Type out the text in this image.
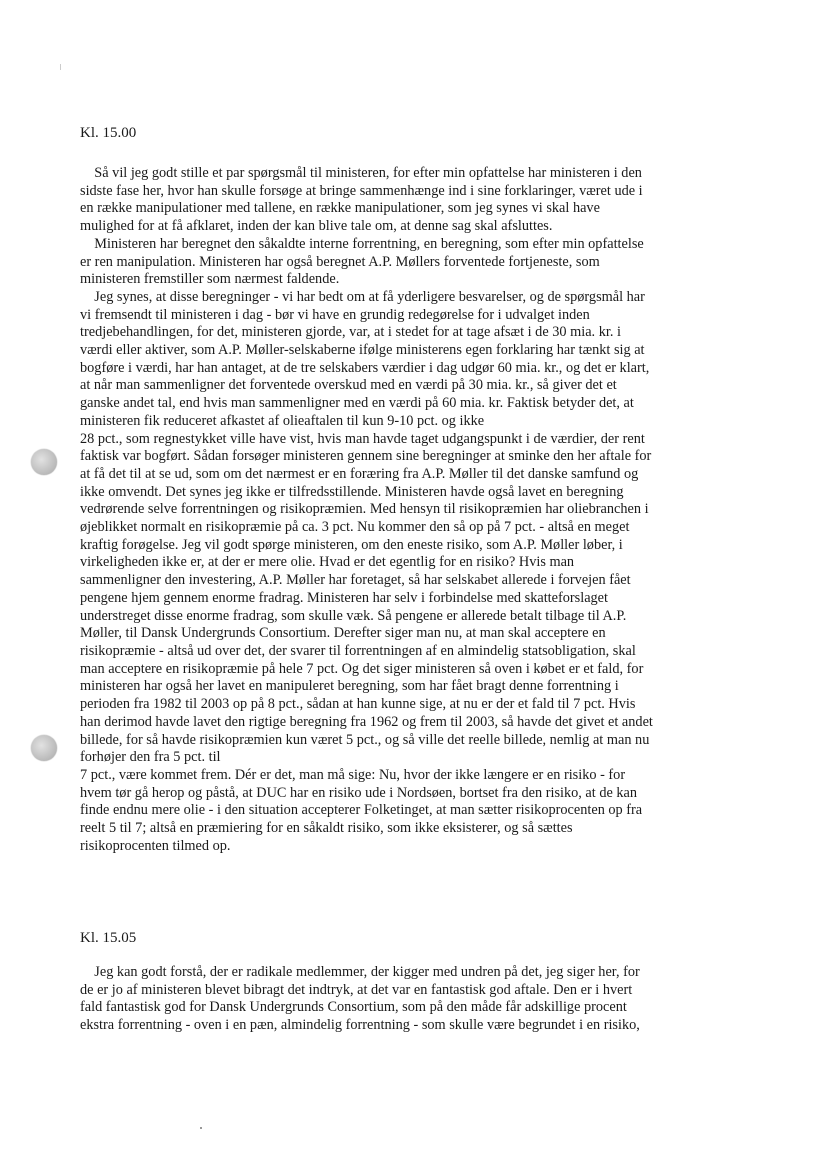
Kl. 15.00
Så vil jeg godt stille et par spørgsmål til ministeren, for efter min opfattelse har ministeren i den
sidste fase her, hvor han skulle forsøge at bringe sammenhænge ind i sine forklaringer, været ude i
en række manipulationer med tallene, en række manipulationer, som jeg synes vi skal have
mulighed for at få afklaret, inden der kan blive tale om, at denne sag skal afsluttes.
Ministeren har beregnet den såkaldte interne forrentning, en beregning, som efter min opfattelse
er ren manipulation. Ministeren har også beregnet A.P. Møllers forventede fortjeneste, som
ministeren fremstiller som nærmest faldende.
Jeg synes, at disse beregninger - vi har bedt om at få yderligere besvarelser, og de spørgsmål har
vi fremsendt til ministeren i dag - bør vi have en grundig redegørelse for i udvalget inden
tredjebehandlingen, for det, ministeren gjorde, var, at i stedet for at tage afsæt i de 30 mia. kr. i
værdi eller aktiver, som A.P. Møller-selskaberne ifølge ministerens egen forklaring har tænkt sig at
bogføre i værdi, har han antaget, at de tre selskabers værdier i dag udgør 60 mia. kr., og det er klart,
at når man sammenligner det forventede overskud med en værdi på 30 mia. kr., så giver det et
ganske andet tal, end hvis man sammenligner med en værdi på 60 mia. kr. Faktisk betyder det, at
ministeren fik reduceret afkastet af olieaftalen til kun 9-10 pct. og ikke
28 pct., som regnestykket ville have vist, hvis man havde taget udgangspunkt i de værdier, der rent
faktisk var bogført. Sådan forsøger ministeren gennem sine beregninger at sminke den her aftale for
at få det til at se ud, som om det nærmest er en foræring fra A.P. Møller til det danske samfund og
ikke omvendt. Det synes jeg ikke er tilfredsstillende. Ministeren havde også lavet en beregning
vedrørende selve forrentningen og risikopræmien. Med hensyn til risikopræmien har oliebranchen i
øjeblikket normalt en risikopræmie på ca. 3 pct. Nu kommer den så op på 7 pct. - altså en meget
kraftig forøgelse. Jeg vil godt spørge ministeren, om den eneste risiko, som A.P. Møller løber, i
virkeligheden ikke er, at der er mere olie. Hvad er det egentlig for en risiko? Hvis man
sammenligner den investering, A.P. Møller har foretaget, så har selskabet allerede i forvejen fået
pengene hjem gennem enorme fradrag. Ministeren har selv i forbindelse med skatteforslaget
understreget disse enorme fradrag, som skulle væk. Så pengene er allerede betalt tilbage til A.P.
Møller, til Dansk Undergrunds Consortium. Derefter siger man nu, at man skal acceptere en
risikopræmie - altså ud over det, der svarer til forrentningen af en almindelig statsobligation, skal
man acceptere en risikopræmie på hele 7 pct. Og det siger ministeren så oven i købet er et fald, for
ministeren har også her lavet en manipuleret beregning, som har fået bragt denne forrentning i
perioden fra 1982 til 2003 op på 8 pct., sådan at han kunne sige, at nu er der et fald til 7 pct. Hvis
han derimod havde lavet den rigtige beregning fra 1962 og frem til 2003, så havde det givet et andet
billede, for så havde risikopræmien kun været 5 pct., og så ville det reelle billede, nemlig at man nu
forhøjer den fra 5 pct. til
7 pct., være kommet frem. Dér er det, man må sige: Nu, hvor der ikke længere er en risiko - for
hvem tør gå herop og påstå, at DUC har en risiko ude i Nordsøen, bortset fra den risiko, at de kan
finde endnu mere olie - i den situation accepterer Folketinget, at man sætter risikoprocenten op fra
reelt 5 til 7; altså en præmiering for en såkaldt risiko, som ikke eksisterer, og så sættes
risikoprocenten tilmed op.
Kl. 15.05
Jeg kan godt forstå, der er radikale medlemmer, der kigger med undren på det, jeg siger her, for
de er jo af ministeren blevet bibragt det indtryk, at det var en fantastisk god aftale. Den er i hvert
fald fantastisk god for Dansk Undergrunds Consortium, som på den måde får adskillige procent
ekstra forrentning - oven i en pæn, almindelig forrentning - som skulle være begrundet i en risiko,
